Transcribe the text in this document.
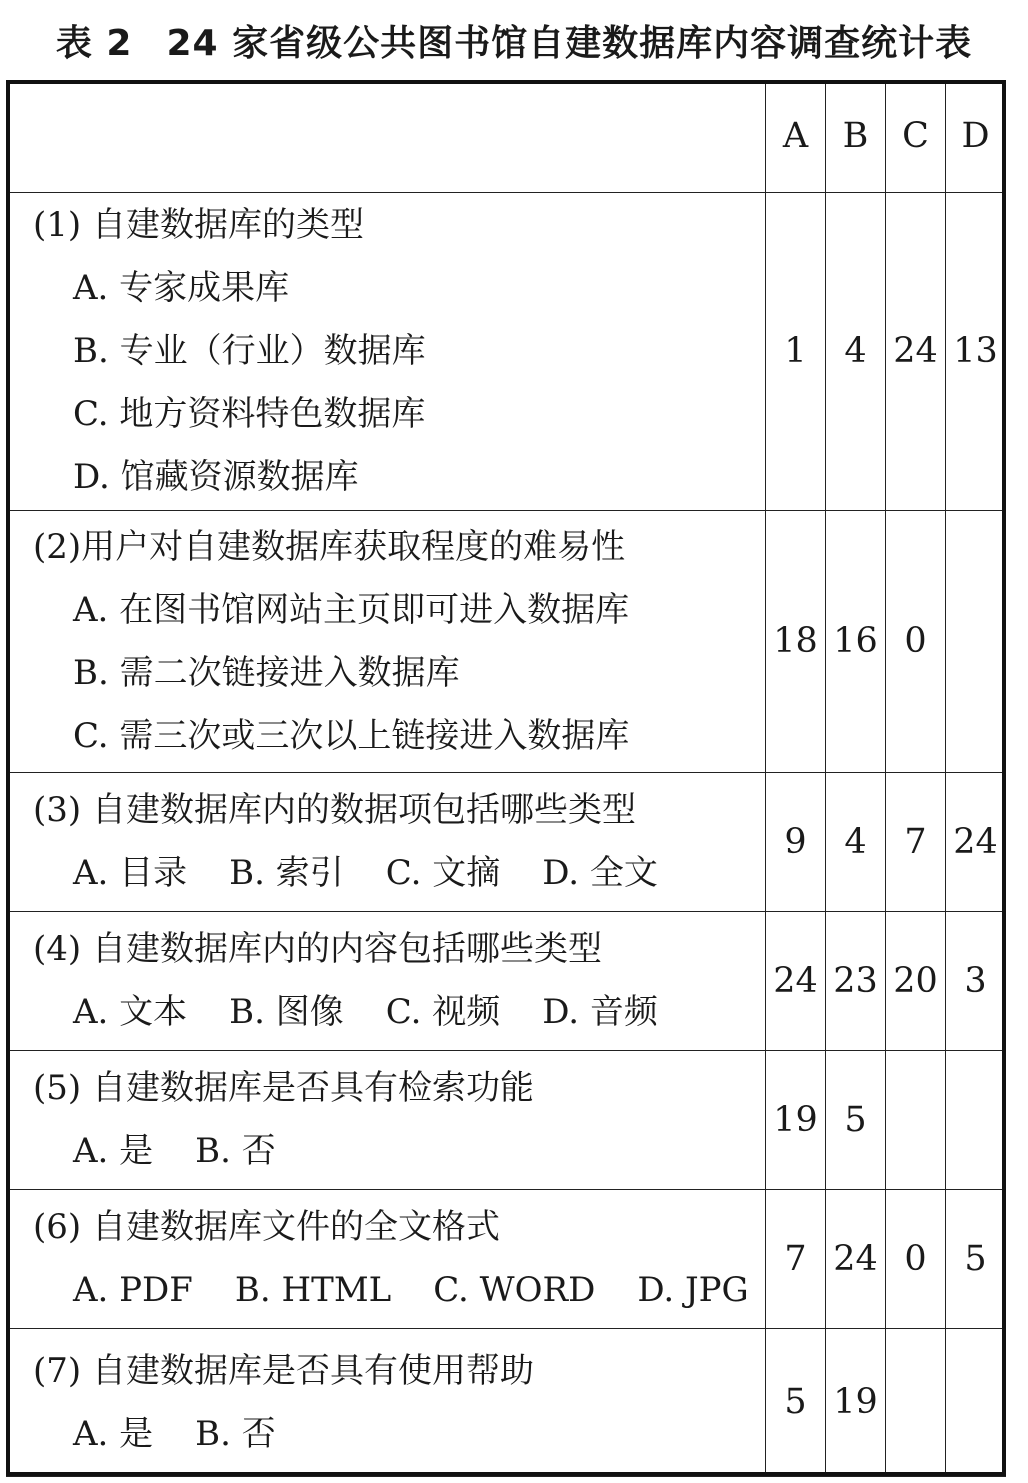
表 2 24 家省级公共图书馆自建数据库内容调查统计表
	A	B	C	D

(1) 自建数据库的类型
A. 专家成果库
B. 专业（行业）数据库
C. 地方资料特色数据库
D. 馆藏资源数据库	1	4	24	13

(2)用户对自建数据库获取程度的难易性
A. 在图书馆网站主页即可进入数据库
B. 需二次链接进入数据库
C. 需三次或三次以上链接进入数据库	18	16	0	

(3) 自建数据库内的数据项包括哪些类型
A. 目录 B. 索引 C. 文摘 D. 全文	9	4	7	24

(4) 自建数据库内的内容包括哪些类型
A. 文本 B. 图像 C. 视频 D. 音频	24	23	20	3

(5) 自建数据库是否具有检索功能
A. 是 B. 否	19	5		

(6) 自建数据库文件的全文格式
A. PDF B. HTML C. WORD D. JPG	7	24	0	5

(7) 自建数据库是否具有使用帮助
A. 是 B. 否	5	19		
